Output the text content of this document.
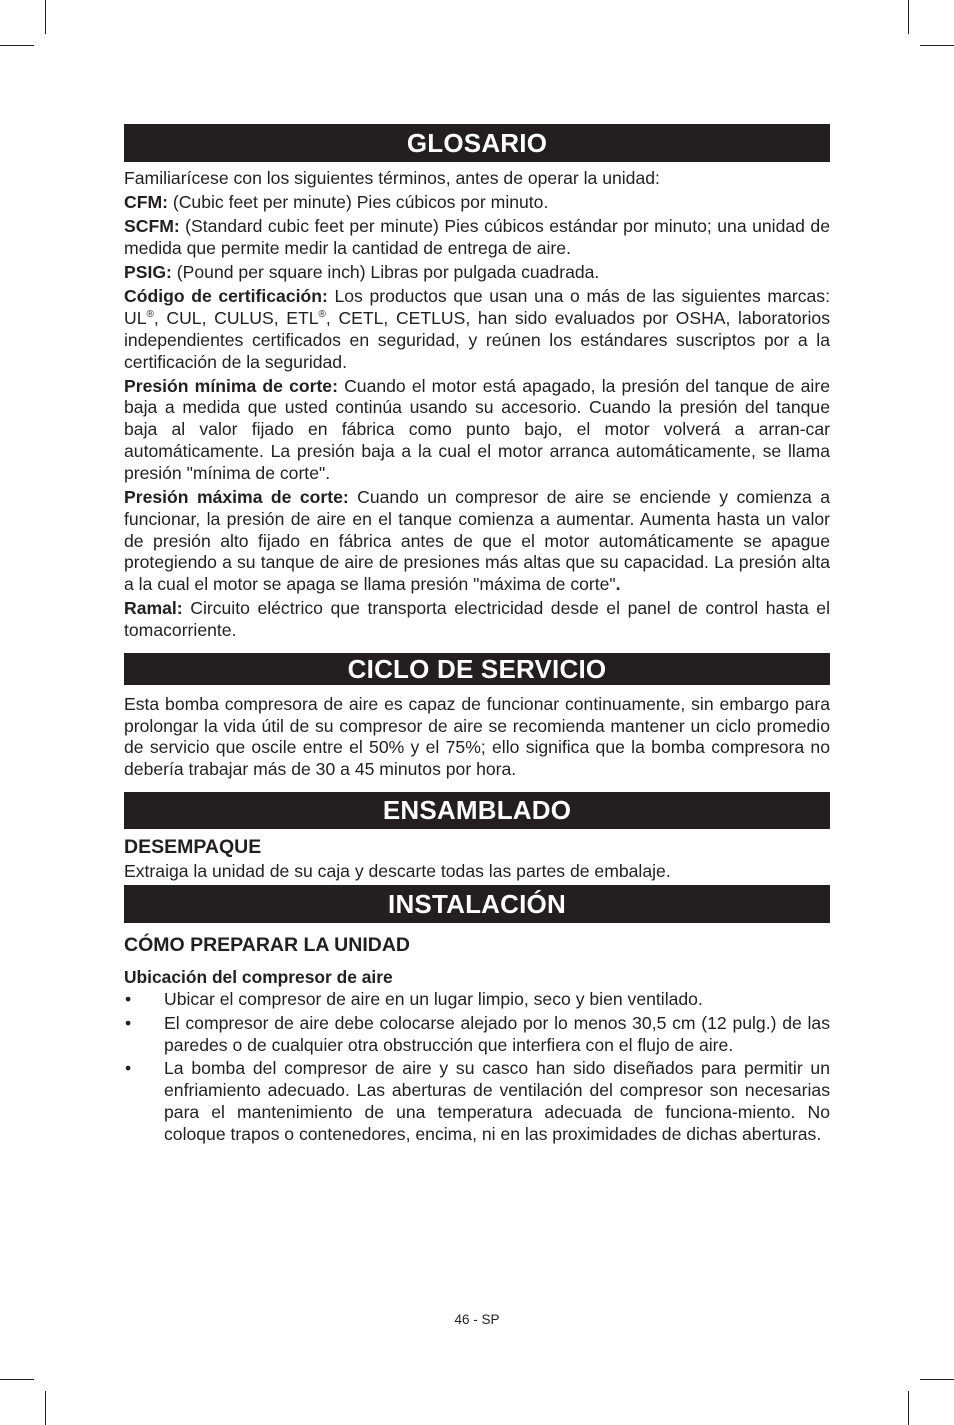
GLOSARIO

Familiarícese con los siguientes términos, antes de operar la unidad:

CFM: (Cubic feet per minute) Pies cúbicos por minuto.

SCFM: (Standard cubic feet per minute) Pies cúbicos estándar por minuto; una unidad de medida que permite medir la cantidad de entrega de aire.

PSIG: (Pound per square inch) Libras por pulgada cuadrada.

Código de certificación: Los productos que usan una o más de las siguientes marcas: UL®, CUL, CULUS, ETL®, CETL, CETLUS, han sido evaluados por OSHA, laboratorios independientes certificados en seguridad, y reúnen los estándares suscriptos por a la certificación de la seguridad.

Presión mínima de corte: Cuando el motor está apagado, la presión del tanque de aire baja a medida que usted continúa usando su accesorio. Cuando la presión del tanque baja al valor fijado en fábrica como punto bajo, el motor volverá a arran-car automáticamente. La presión baja a la cual el motor arranca automáticamente, se llama presión "mínima de corte".

Presión máxima de corte: Cuando un compresor de aire se enciende y comienza a funcionar, la presión de aire en el tanque comienza a aumentar. Aumenta hasta un valor de presión alto fijado en fábrica antes de que el motor automáticamente se apague protegiendo a su tanque de aire de presiones más altas que su capacidad. La presión alta a la cual el motor se apaga se llama presión "máxima de corte".

Ramal: Circuito eléctrico que transporta electricidad desde el panel de control hasta el tomacorriente.

CICLO DE SERVICIO

Esta bomba compresora de aire es capaz de funcionar continuamente, sin embargo para prolongar la vida útil de su compresor de aire se recomienda mantener un ciclo promedio de servicio que oscile entre el 50% y el 75%; ello significa que la bomba compresora no debería trabajar más de 30 a 45 minutos por hora.

ENSAMBLADO
DESEMPAQUE

Extraiga la unidad de su caja y descarte todas las partes de embalaje.

INSTALACIÓN
CÓMO PREPARAR LA UNIDAD
Ubicación del compresor de aire
• Ubicar el compresor de aire en un lugar limpio, seco y bien ventilado.
• El compresor de aire debe colocarse alejado por lo menos 30,5 cm (12 pulg.) de las paredes o de cualquier otra obstrucción que interfiera con el flujo de aire.
• La bomba del compresor de aire y su casco han sido diseñados para permitir un enfriamiento adecuado. Las aberturas de ventilación del compresor son necesarias para el mantenimiento de una temperatura adecuada de funciona-miento. No coloque trapos o contenedores, encima, ni en las proximidades de dichas aberturas.
46 - SP
